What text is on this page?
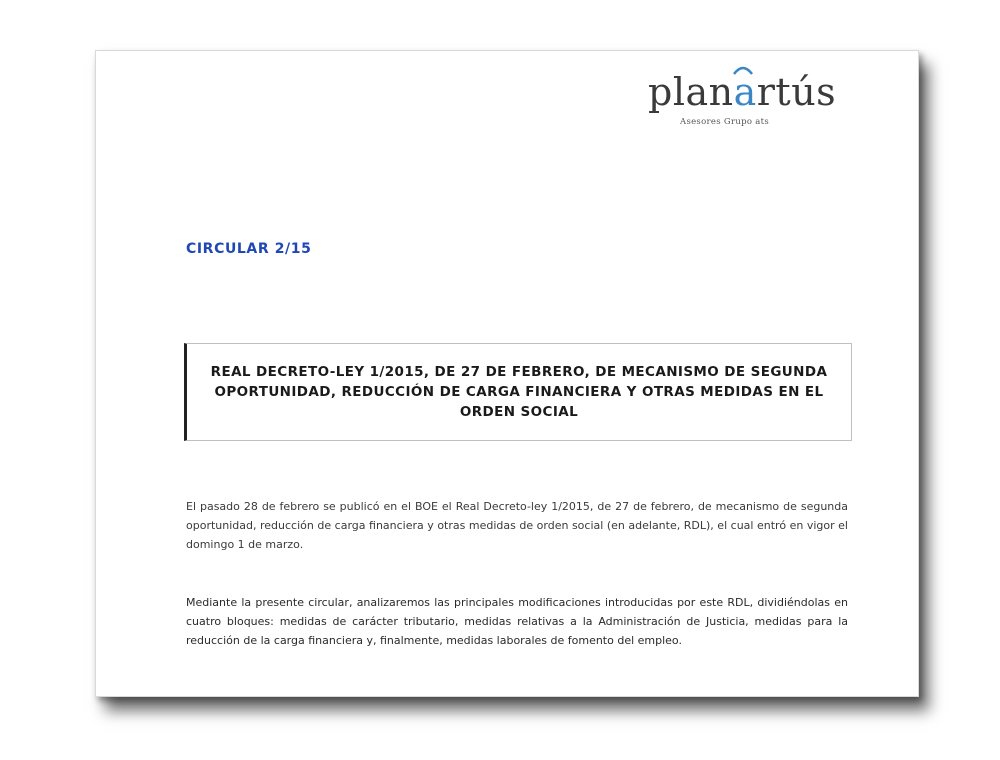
plan a rtús
Asesores Grupo ats
CIRCULAR 2/15
REAL DECRETO-LEY 1/2015, DE 27 DE FEBRERO, DE MECANISMO DE SEGUNDA OPORTUNIDAD, REDUCCIÓN DE CARGA FINANCIERA Y OTRAS MEDIDAS EN EL ORDEN SOCIAL
El pasado 28 de febrero se publicó en el BOE el Real Decreto-ley 1/2015, de 27 de febrero, de mecanismo de segunda oportunidad, reducción de carga financiera y otras medidas de orden social (en adelante, RDL), el cual entró en vigor el domingo 1 de marzo.
Mediante la presente circular, analizaremos las principales modificaciones introducidas por este RDL, dividiéndolas en cuatro bloques: medidas de carácter tributario, medidas relativas a la Administración de Justicia, medidas para la reducción de la carga financiera y, finalmente, medidas laborales de fomento del empleo.
